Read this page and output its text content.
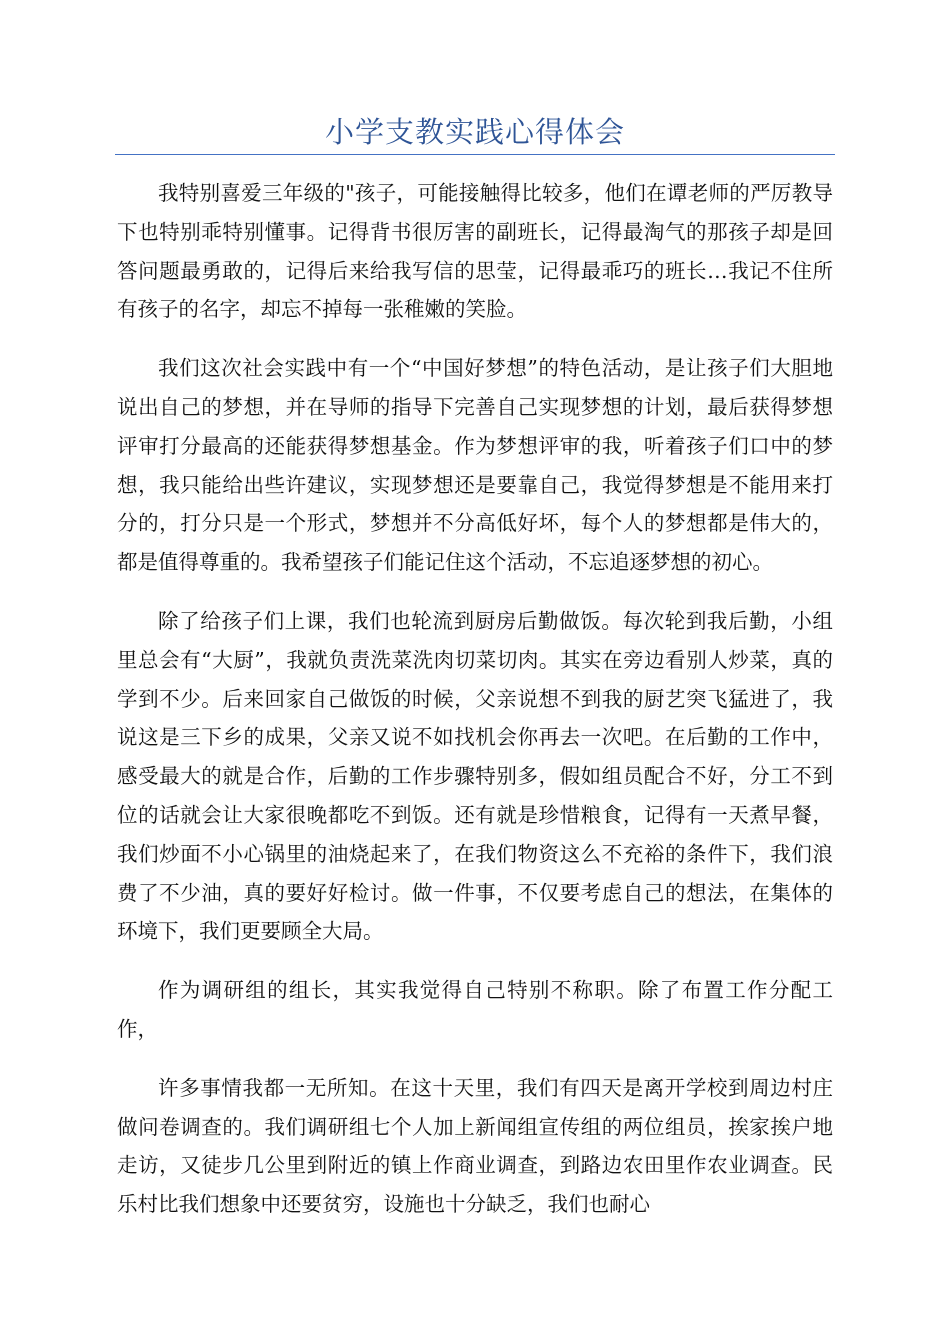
小学支教实践心得体会

我特别喜爱三年级的"孩子，可能接触得比较多，他们在谭老师的严厉教导下也特别乖特别懂事。记得背书很厉害的副班长，记得最淘气的那孩子却是回答问题最勇敢的，记得后来给我写信的思莹，记得最乖巧的班长…我记不住所有孩子的名字，却忘不掉每一张稚嫩的笑脸。

我们这次社会实践中有一个“中国好梦想”的特色活动，是让孩子们大胆地说出自己的梦想，并在导师的指导下完善自己实现梦想的计划，最后获得梦想评审打分最高的还能获得梦想基金。作为梦想评审的我，听着孩子们口中的梦想，我只能给出些许建议，实现梦想还是要靠自己，我觉得梦想是不能用来打分的，打分只是一个形式，梦想并不分高低好坏，每个人的梦想都是伟大的，都是值得尊重的。我希望孩子们能记住这个活动，不忘追逐梦想的初心。

除了给孩子们上课，我们也轮流到厨房后勤做饭。每次轮到我后勤，小组里总会有“大厨”，我就负责洗菜洗肉切菜切肉。其实在旁边看别人炒菜，真的学到不少。后来回家自己做饭的时候，父亲说想不到我的厨艺突飞猛进了，我说这是三下乡的成果，父亲又说不如找机会你再去一次吧。在后勤的工作中，感受最大的就是合作，后勤的工作步骤特别多，假如组员配合不好，分工不到位的话就会让大家很晚都吃不到饭。还有就是珍惜粮食，记得有一天煮早餐，我们炒面不小心锅里的油烧起来了，在我们物资这么不充裕的条件下，我们浪费了不少油，真的要好好检讨。做一件事，不仅要考虑自己的想法，在集体的环境下，我们更要顾全大局。

作为调研组的组长，其实我觉得自己特别不称职。除了布置工作分配工作，

许多事情我都一无所知。在这十天里，我们有四天是离开学校到周边村庄做问卷调查的。我们调研组七个人加上新闻组宣传组的两位组员，挨家挨户地走访，又徒步几公里到附近的镇上作商业调查，到路边农田里作农业调查。民乐村比我们想象中还要贫穷，设施也十分缺乏，我们也耐心
